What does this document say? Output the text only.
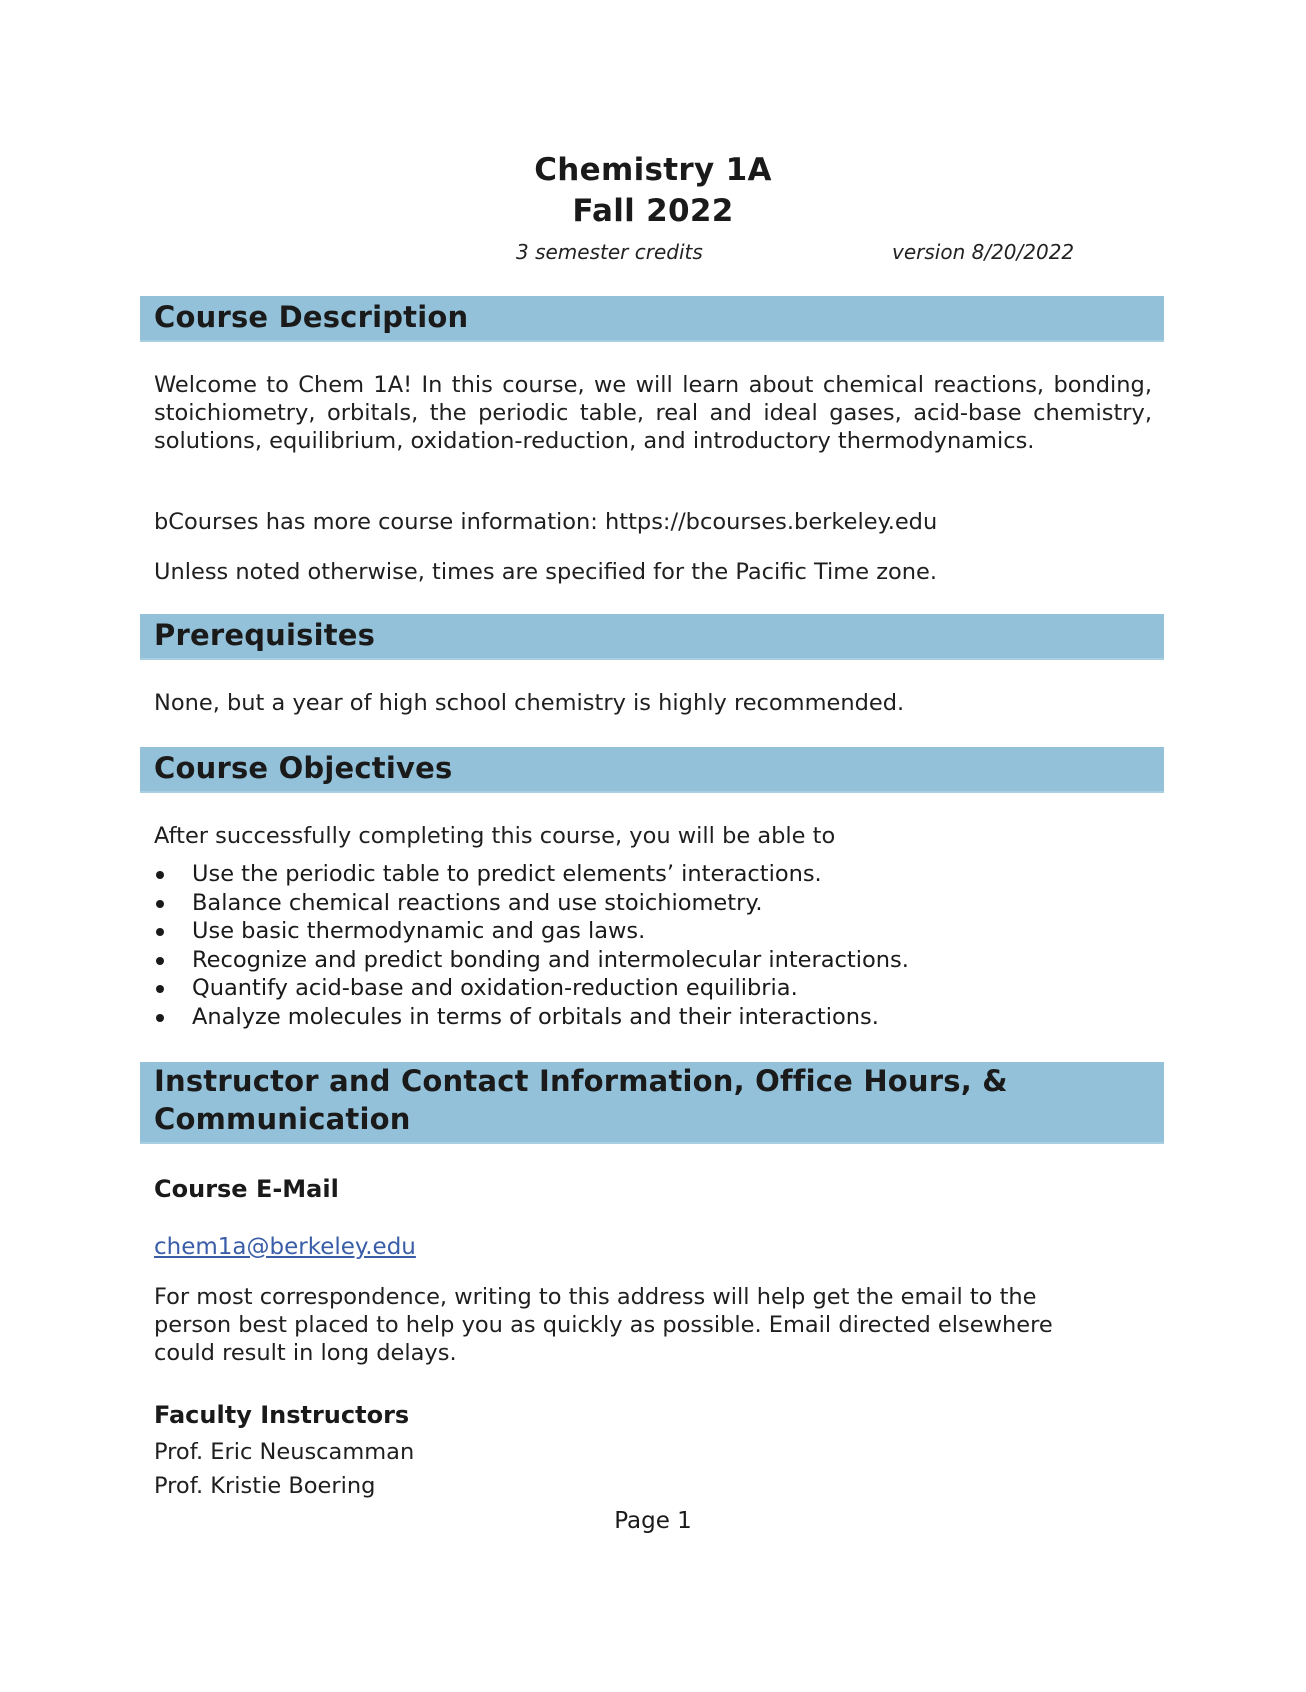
Chemistry 1A
Fall 2022
3 semester credits	version 8/20/2022
Course Description
Welcome to Chem 1A! In this course, we will learn about chemical reactions, bonding, stoichiometry, orbitals, the periodic table, real and ideal gases, acid-base chemistry, solutions, equilibrium, oxidation-reduction, and introductory thermodynamics.
bCourses has more course information: https://bcourses.berkeley.edu
Unless noted otherwise, times are specified for the Pacific Time zone.
Prerequisites
None, but a year of high school chemistry is highly recommended.
Course Objectives
After successfully completing this course, you will be able to
Use the periodic table to predict elements’ interactions.
Balance chemical reactions and use stoichiometry.
Use basic thermodynamic and gas laws.
Recognize and predict bonding and intermolecular interactions.
Quantify acid-base and oxidation-reduction equilibria.
Analyze molecules in terms of orbitals and their interactions.
Instructor and Contact Information, Office Hours, &
Communication
Course E-Mail
chem1a@berkeley.edu
For most correspondence, writing to this address will help get the email to the person best placed to help you as quickly as possible. Email directed elsewhere could result in long delays.
Faculty Instructors
Prof. Eric Neuscamman
Prof. Kristie Boering
Page 1
